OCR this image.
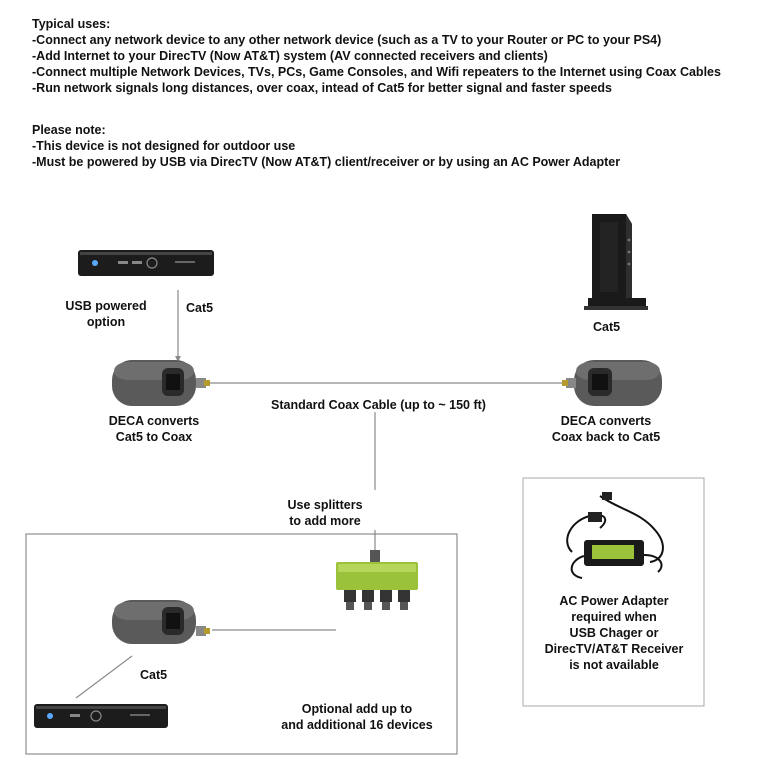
Typical uses:
-Connect any network device to any other network device (such as a TV to your Router or PC to your PS4)
-Add Internet to your DirecTV (Now AT&T) system (AV connected receivers and clients)
-Connect multiple Network Devices, TVs, PCs, Game Consoles, and Wifi repeaters to the Internet using Coax Cables
-Run network signals long distances, over coax, intead of Cat5 for better signal and faster speeds
Please note:
-This device is not designed for outdoor use
-Must be powered by USB via DirecTV (Now AT&T) client/receiver or by using an AC Power Adapter
USB powered
option
Cat5
Cat5
DECA converts
Cat5 to Coax
Standard Coax Cable (up to ~ 150 ft)
DECA converts
Coax back to Cat5
Use splitters
to add more
Cat5
Optional add up to
and additional 16 devices
AC Power Adapter
required when
USB Chager or
DirecTV/AT&T Receiver
is not available
